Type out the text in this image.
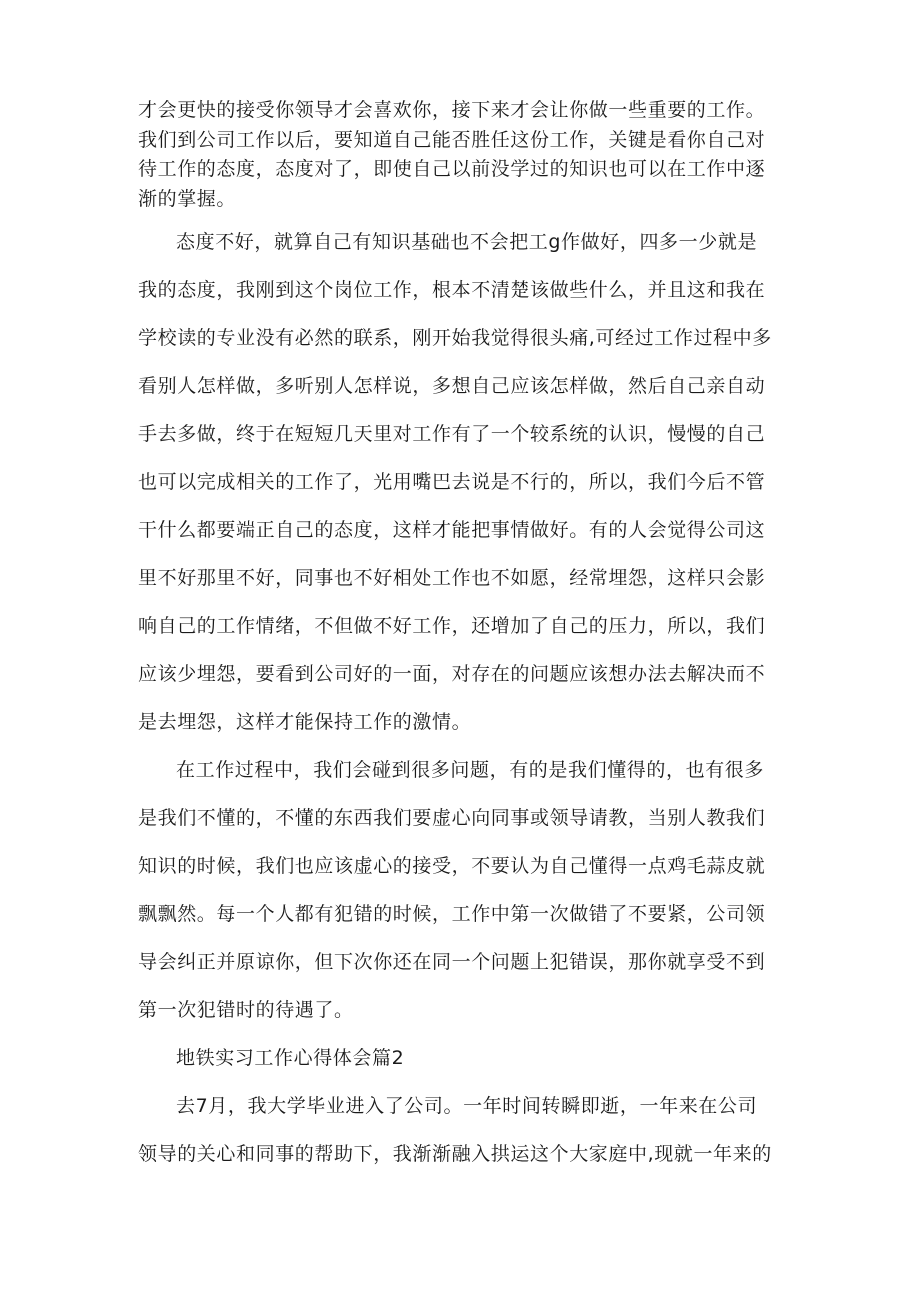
才会更快的接受你领导才会喜欢你，接下来才会让你做一些重要的工作。
我们到公司工作以后，要知道自己能否胜任这份工作，关键是看你自己对
待工作的态度，态度对了，即使自己以前没学过的知识也可以在工作中逐
渐的掌握。
态度不好，就算自己有知识基础也不会把工g作做好，四多一少就是
我的态度，我刚到这个岗位工作，根本不清楚该做些什么，并且这和我在
学校读的专业没有必然的联系，刚开始我觉得很头痛,可经过工作过程中多
看别人怎样做，多听别人怎样说，多想自己应该怎样做，然后自己亲自动
手去多做，终于在短短几天里对工作有了一个较系统的认识，慢慢的自己
也可以完成相关的工作了，光用嘴巴去说是不行的，所以，我们今后不管
干什么都要端正自己的态度，这样才能把事情做好。有的人会觉得公司这
里不好那里不好，同事也不好相处工作也不如愿，经常埋怨，这样只会影
响自己的工作情绪，不但做不好工作，还增加了自己的压力，所以，我们
应该少埋怨，要看到公司好的一面，对存在的问题应该想办法去解决而不
是去埋怨，这样才能保持工作的激情。
在工作过程中，我们会碰到很多问题，有的是我们懂得的，也有很多
是我们不懂的，不懂的东西我们要虚心向同事或领导请教，当别人教我们
知识的时候，我们也应该虚心的接受，不要认为自己懂得一点鸡毛蒜皮就
飘飘然。每一个人都有犯错的时候，工作中第一次做错了不要紧，公司领
导会纠正并原谅你，但下次你还在同一个问题上犯错误，那你就享受不到
第一次犯错时的待遇了。
地铁实习工作心得体会篇2
去7月，我大学毕业进入了公司。一年时间转瞬即逝，一年来在公司
领导的关心和同事的帮助下，我渐渐融入拱运这个大家庭中,现就一年来的
